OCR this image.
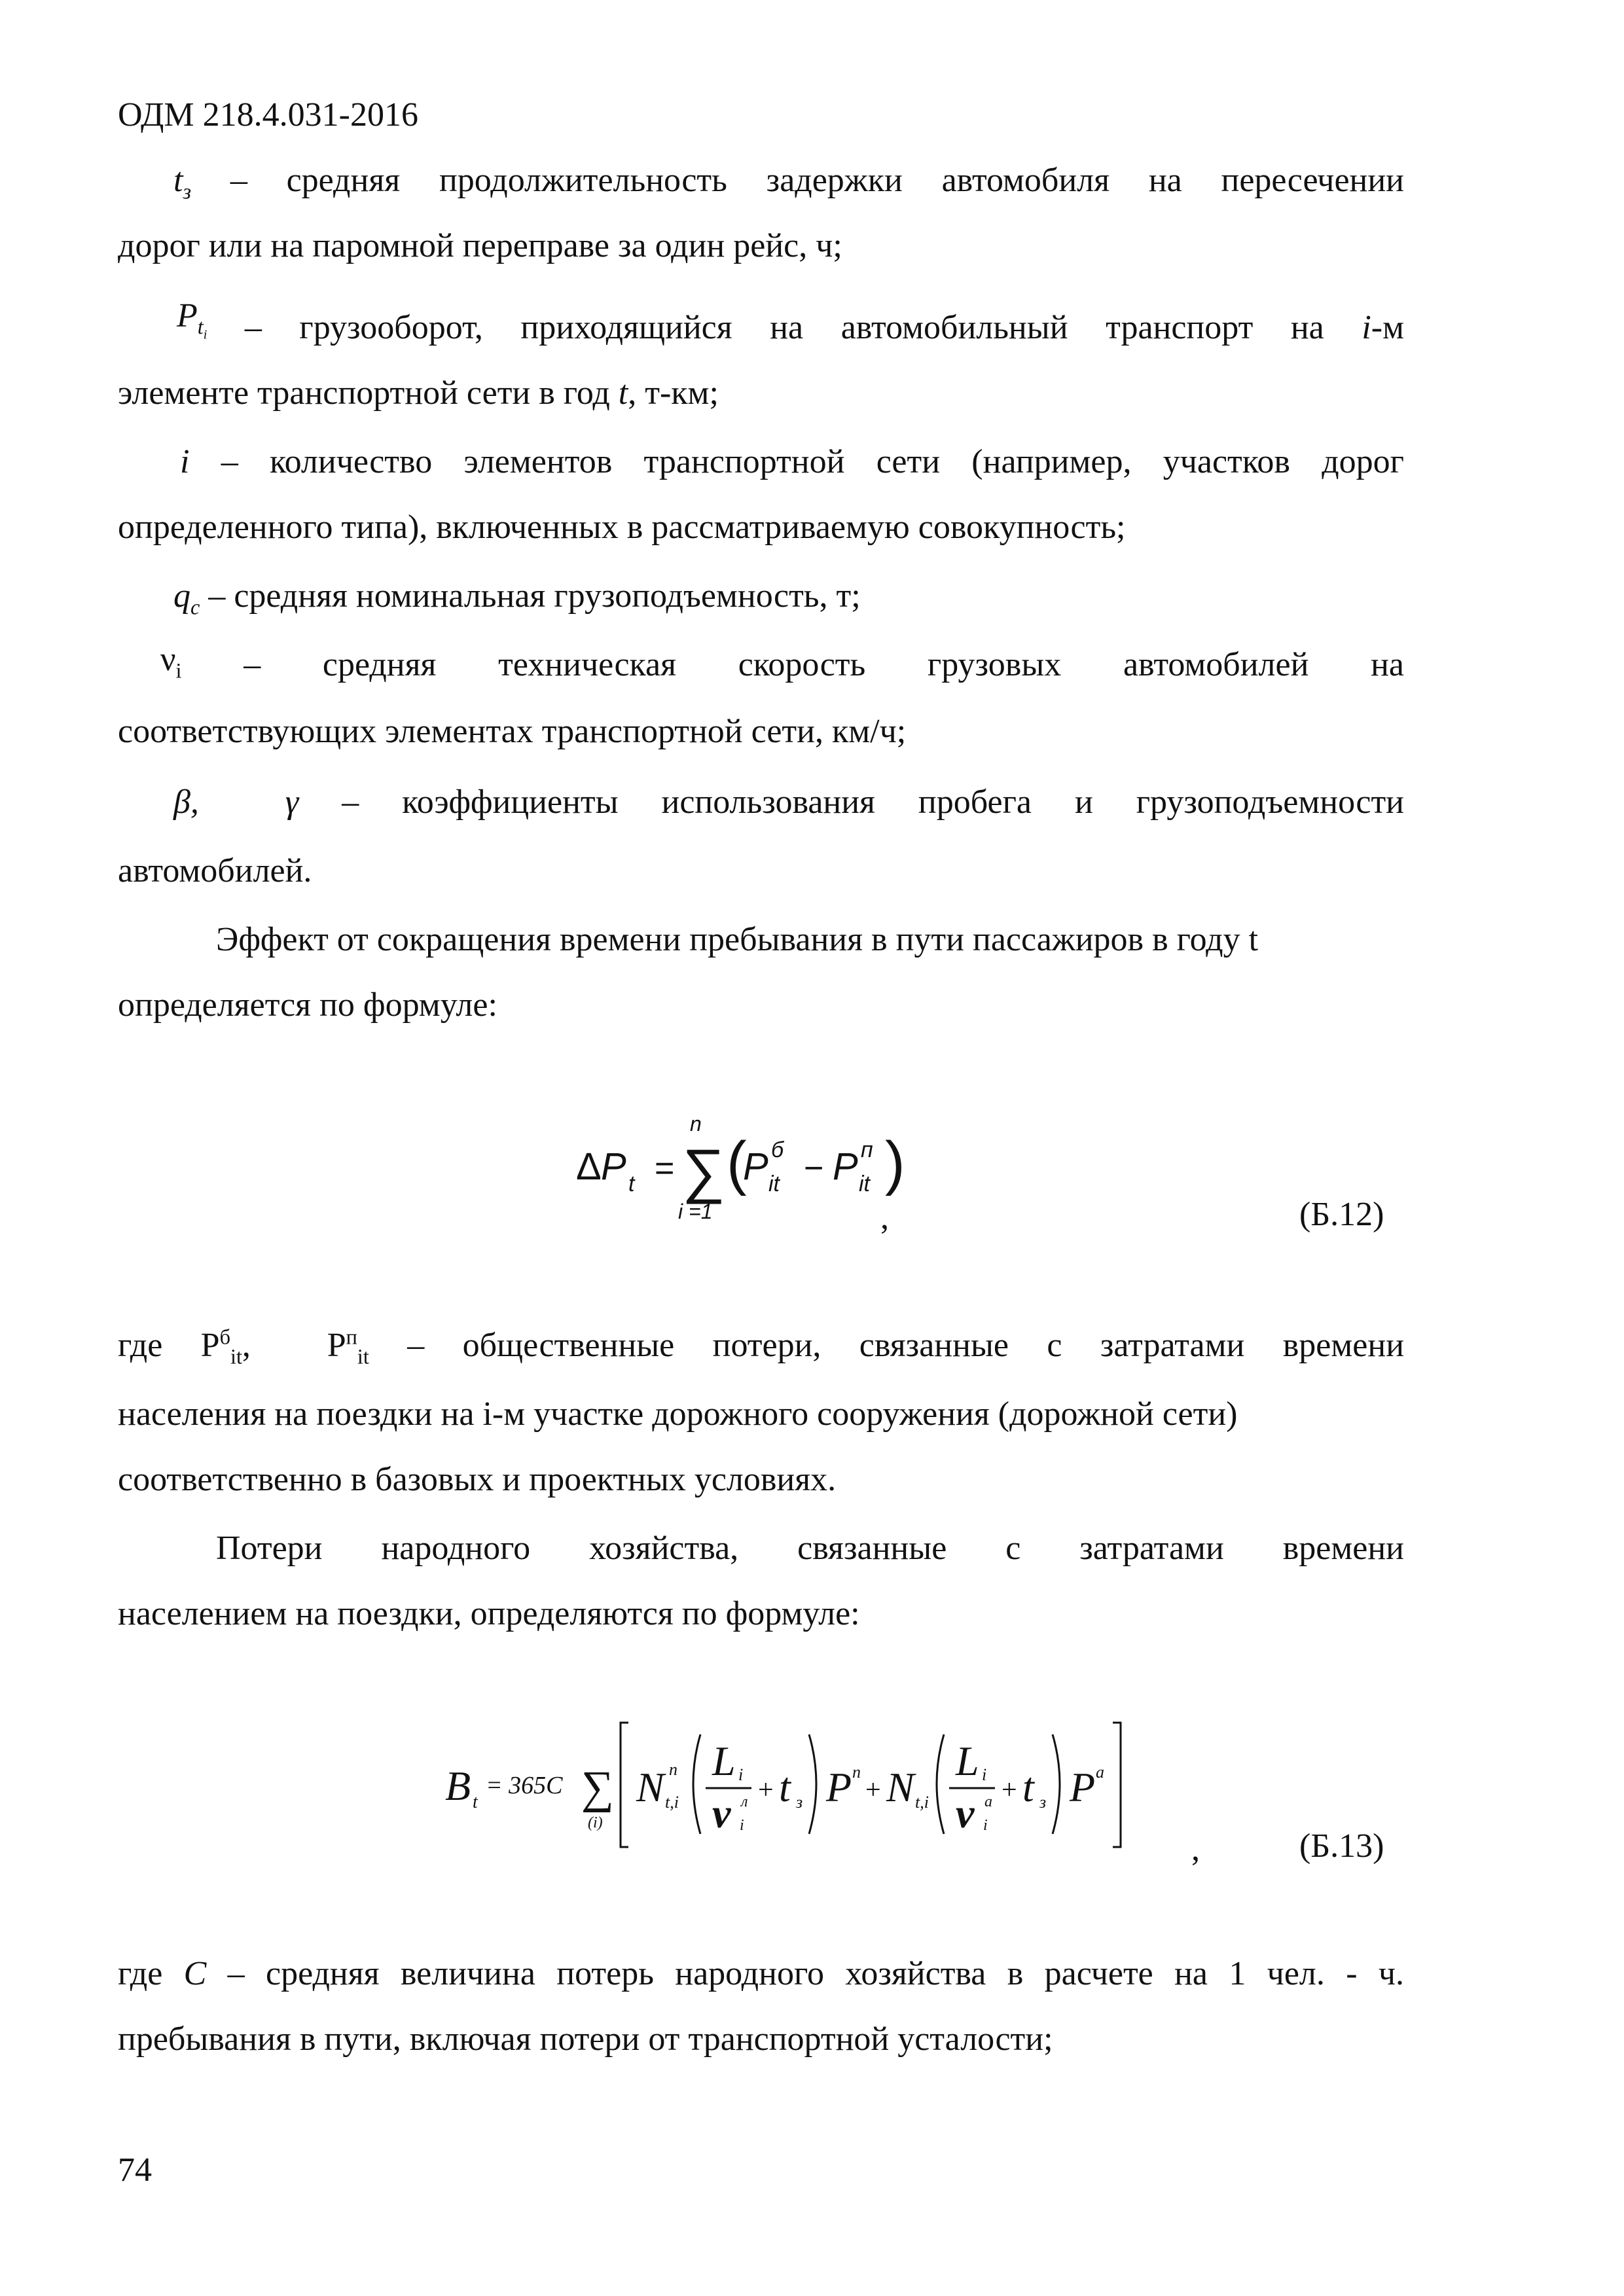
ОДМ 218.4.031-2016
$t_з$ – средняя продолжительность задержки автомобиля на пересечении
дорог или на паромной переправе за один рейс, ч;
$P_{t_i}$ – грузооборот, приходящийся на автомобильный транспорт на i-м
элементе транспортной сети в год t, т-км;
i – количество элементов транспортной сети (например, участков дорог
определенного типа), включенных в рассматриваемую совокупность;
$q_c$ – средняя номинальная грузоподъемность, т;
$\nu_i$ – средняя техническая скорость грузовых автомобилей на
соответствующих элементах транспортной сети, км/ч;
β,  γ – коэффициенты использования пробега и грузоподъемности
автомобилей.
Эффект от сокращения времени пребывания в пути пассажиров в году t
определяется по формуле:
Δ P t =
n
∑
i =1
(
P б
it − P п
it )
,	(Б.12)
где $P^б_{it}$, $P^п_{it}$ – общественные потери, связанные с затратами времени
населения на поездки на i-м участке дорожного сооружения (дорожной сети)
соответственно в базовых и проектных условиях.
Потери народного хозяйства, связанные с затратами времени
населением на поездки, определяются по формуле:
B t
= 365C ∑
(i)
N n
t,i
L i
ν л
i
+ t з P n
+ N t,i
L i
ν a
i
+ t з P a
,	(Б.13)
где C – средняя величина потерь народного хозяйства в расчете на 1 чел. - ч.
пребывания в пути, включая потери от транспортной усталости;
74
